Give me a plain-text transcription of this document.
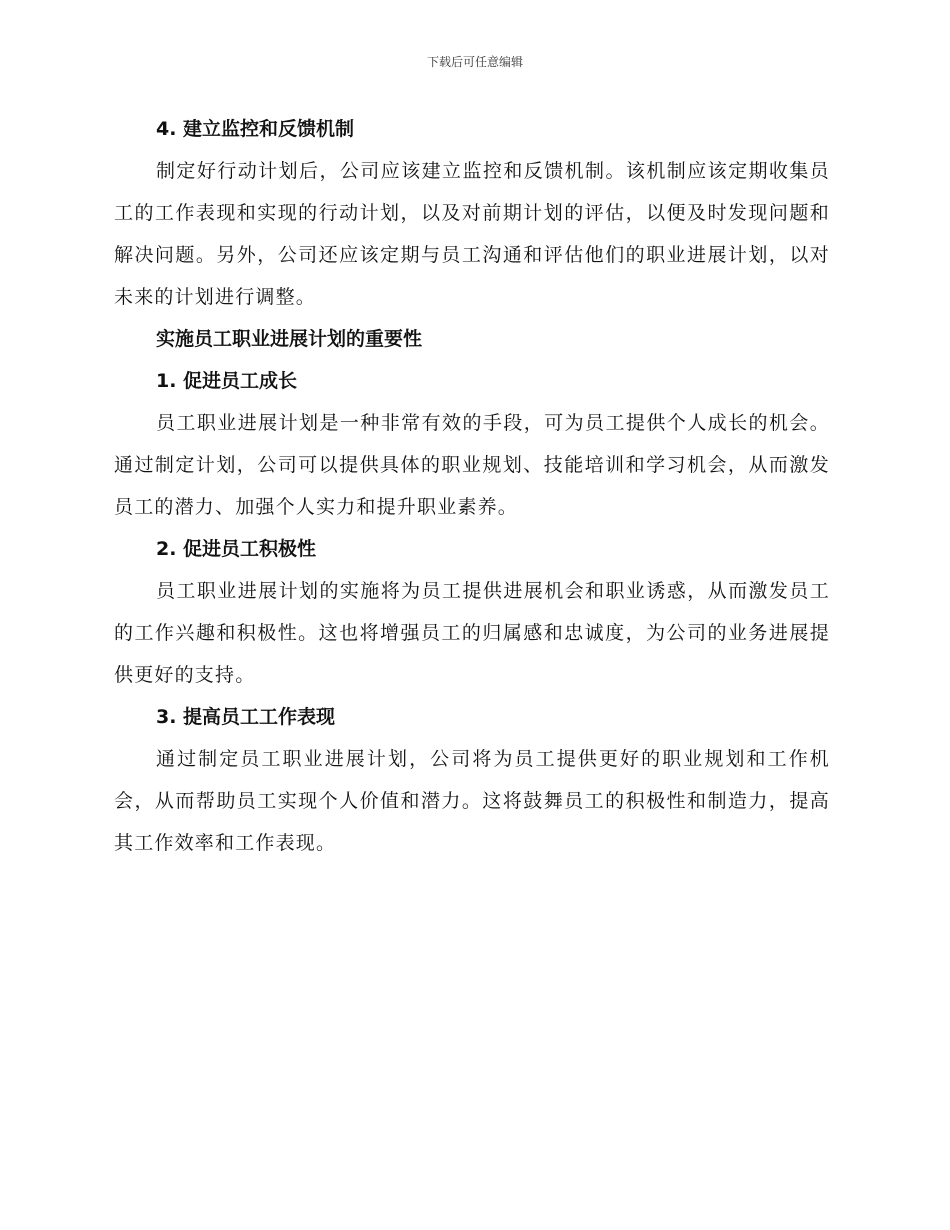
下载后可任意编辑
4. 建立监控和反馈机制

制定好行动计划后，公司应该建立监控和反馈机制。该机制应该定期收集员工的工作表现和实现的行动计划，以及对前期计划的评估，以便及时发现问题和解决问题。另外，公司还应该定期与员工沟通和评估他们的职业进展计划，以对未来的计划进行调整。

实施员工职业进展计划的重要性
1. 促进员工成长

员工职业进展计划是一种非常有效的手段，可为员工提供个人成长的机会。通过制定计划，公司可以提供具体的职业规划、技能培训和学习机会，从而激发员工的潜力、加强个人实力和提升职业素养。

2. 促进员工积极性

员工职业进展计划的实施将为员工提供进展机会和职业诱惑，从而激发员工的工作兴趣和积极性。这也将增强员工的归属感和忠诚度，为公司的业务进展提供更好的支持。

3. 提高员工工作表现

通过制定员工职业进展计划，公司将为员工提供更好的职业规划和工作机会，从而帮助员工实现个人价值和潜力。这将鼓舞员工的积极性和制造力，提高其工作效率和工作表现。
